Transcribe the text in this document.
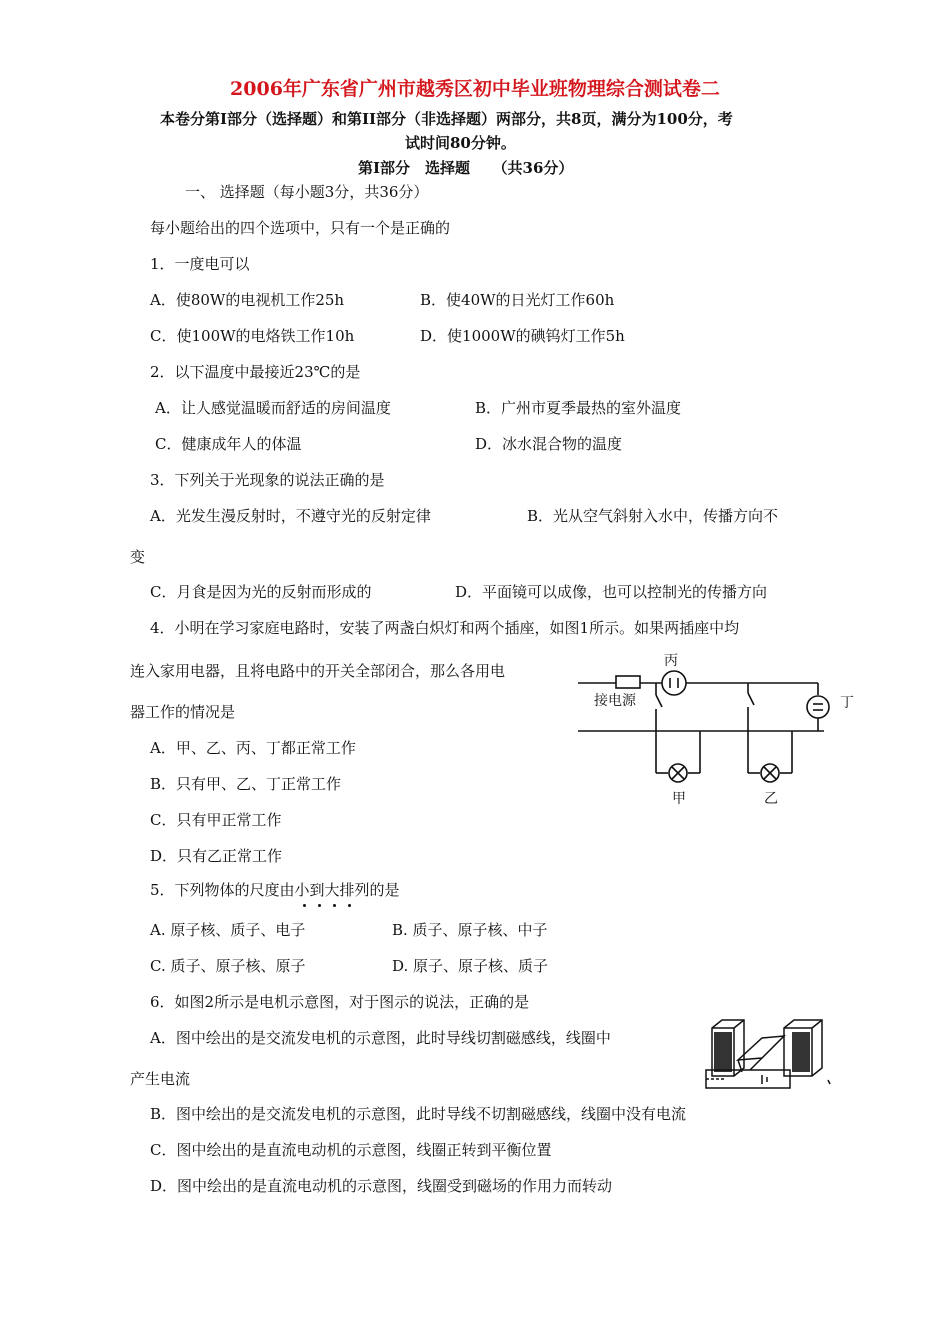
2006年广东省广州市越秀区初中毕业班物理综合测试卷二
本卷分第Ⅰ部分（选择题）和第II部分（非选择题）两部分，共8页，满分为100分，考
试时间80分钟。
第Ⅰ部分　选择题　　（共36分）
一、 选择题（每小题3分，共36分）
每小题给出的四个选项中，只有一个是正确的
1．一度电可以
A．使80W的电视机工作25h	B．使40W的日光灯工作60h
C．使100W的电烙铁工作10h	D．使1000W的碘钨灯工作5h
2．以下温度中最接近23℃的是
A．让人感觉温暖而舒适的房间温度	B．广州市夏季最热的室外温度
C．健康成年人的体温	D．冰水混合物的温度
3．下列关于光现象的说法正确的是
A．光发生漫反射时，不遵守光的反射定律	B．光从空气斜射入水中，传播方向不
变
C．月食是因为光的反射而形成的	D．平面镜可以成像，也可以控制光的传播方向
4．小明在学习家庭电路时，安装了两盏白炽灯和两个插座，如图1所示。如果两插座中均
连入家用电器，且将电路中的开关全部闭合，那么各用电
器工作的情况是
A．甲、乙、丙、丁都正常工作
B．只有甲、乙、丁正常工作
C．只有甲正常工作
D．只有乙正常工作
接电源
丙
丁
甲	乙
5．下列物体的尺度由小到大排列的是
A. 原子核、质子、电子	B. 质子、原子核、中子
C. 质子、原子核、原子	D. 原子、原子核、质子
6．如图2所示是电机示意图，对于图示的说法，正确的是
A．图中绘出的是交流发电机的示意图，此时导线切割磁感线，线圈中
产生电流
B．图中绘出的是交流发电机的示意图，此时导线不切割磁感线，线圈中没有电流
C．图中绘出的是直流电动机的示意图，线圈正转到平衡位置
D．图中绘出的是直流电动机的示意图，线圈受到磁场的作用力而转动
